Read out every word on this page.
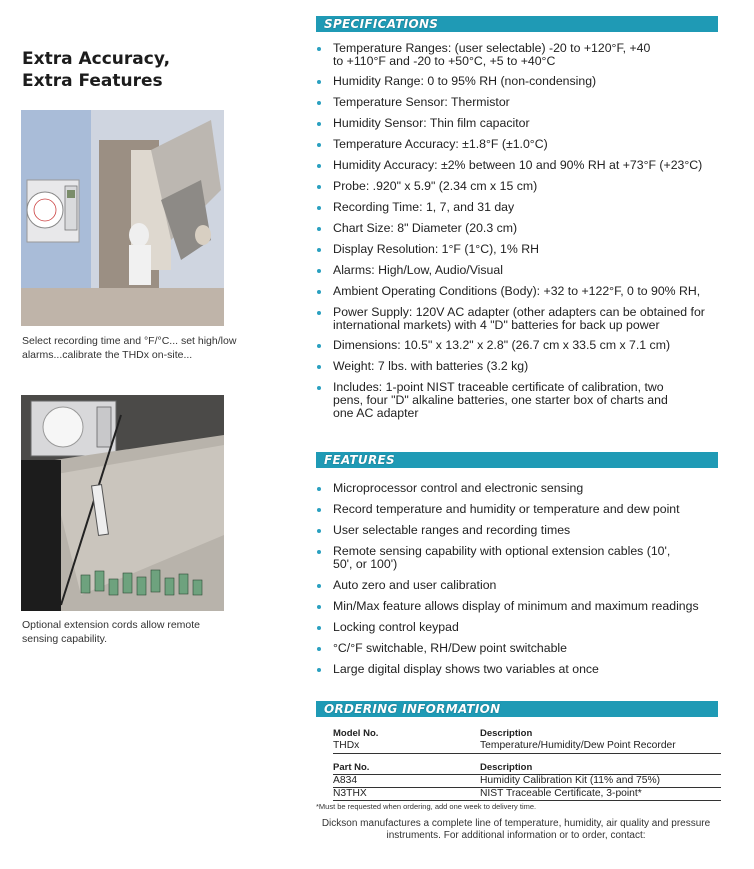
Extra Accuracy,
Extra Features
Select recording time and °F/°C... set high/low alarms...calibrate the THDx on-site...
Optional extension cords allow remote sensing capability.
SPECIFICATIONS
Temperature Ranges: (user selectable) -20 to +120°F, +40 to +110°F and -20 to +50°C, +5 to +40°C
Humidity Range: 0 to 95% RH (non-condensing)
Temperature Sensor: Thermistor
Humidity Sensor: Thin film capacitor
Temperature Accuracy: ±1.8°F (±1.0°C)
Humidity Accuracy: ±2% between 10 and 90% RH at +73°F (+23°C)
Probe: .920" x 5.9" (2.34 cm x 15 cm)
Recording Time: 1, 7, and 31 day
Chart Size: 8" Diameter (20.3 cm)
Display Resolution: 1°F (1°C), 1% RH
Alarms: High/Low, Audio/Visual
Ambient Operating Conditions (Body): +32 to +122°F, 0 to 90% RH,
Power Supply: 120V AC adapter (other adapters can be obtained for international markets) with 4 "D" batteries for back up power
Dimensions: 10.5" x 13.2" x 2.8" (26.7 cm x 33.5 cm x 7.1 cm)
Weight: 7 lbs. with batteries (3.2 kg)
Includes: 1-point NIST traceable certificate of calibration, two pens, four "D" alkaline batteries, one starter box of charts and one AC adapter
FEATURES
Microprocessor control and electronic sensing
Record temperature and humidity or temperature and dew point
User selectable ranges and recording times
Remote sensing capability with optional extension cables (10', 50', or 100')
Auto zero and user calibration
Min/Max feature allows display of minimum and maximum readings
Locking control keypad
°C/°F switchable, RH/Dew point switchable
Large digital display shows two variables at once
ORDERING INFORMATION
Model No.	Description
THDx	Temperature/Humidity/Dew Point Recorder
Part No.	Description
A834	Humidity Calibration Kit (11% and 75%)
N3THX	NIST Traceable Certificate, 3-point*
*Must be requested when ordering, add one week to delivery time.
Dickson manufactures a complete line of temperature, humidity, air quality and pressure instruments. For additional information or to order, contact:
